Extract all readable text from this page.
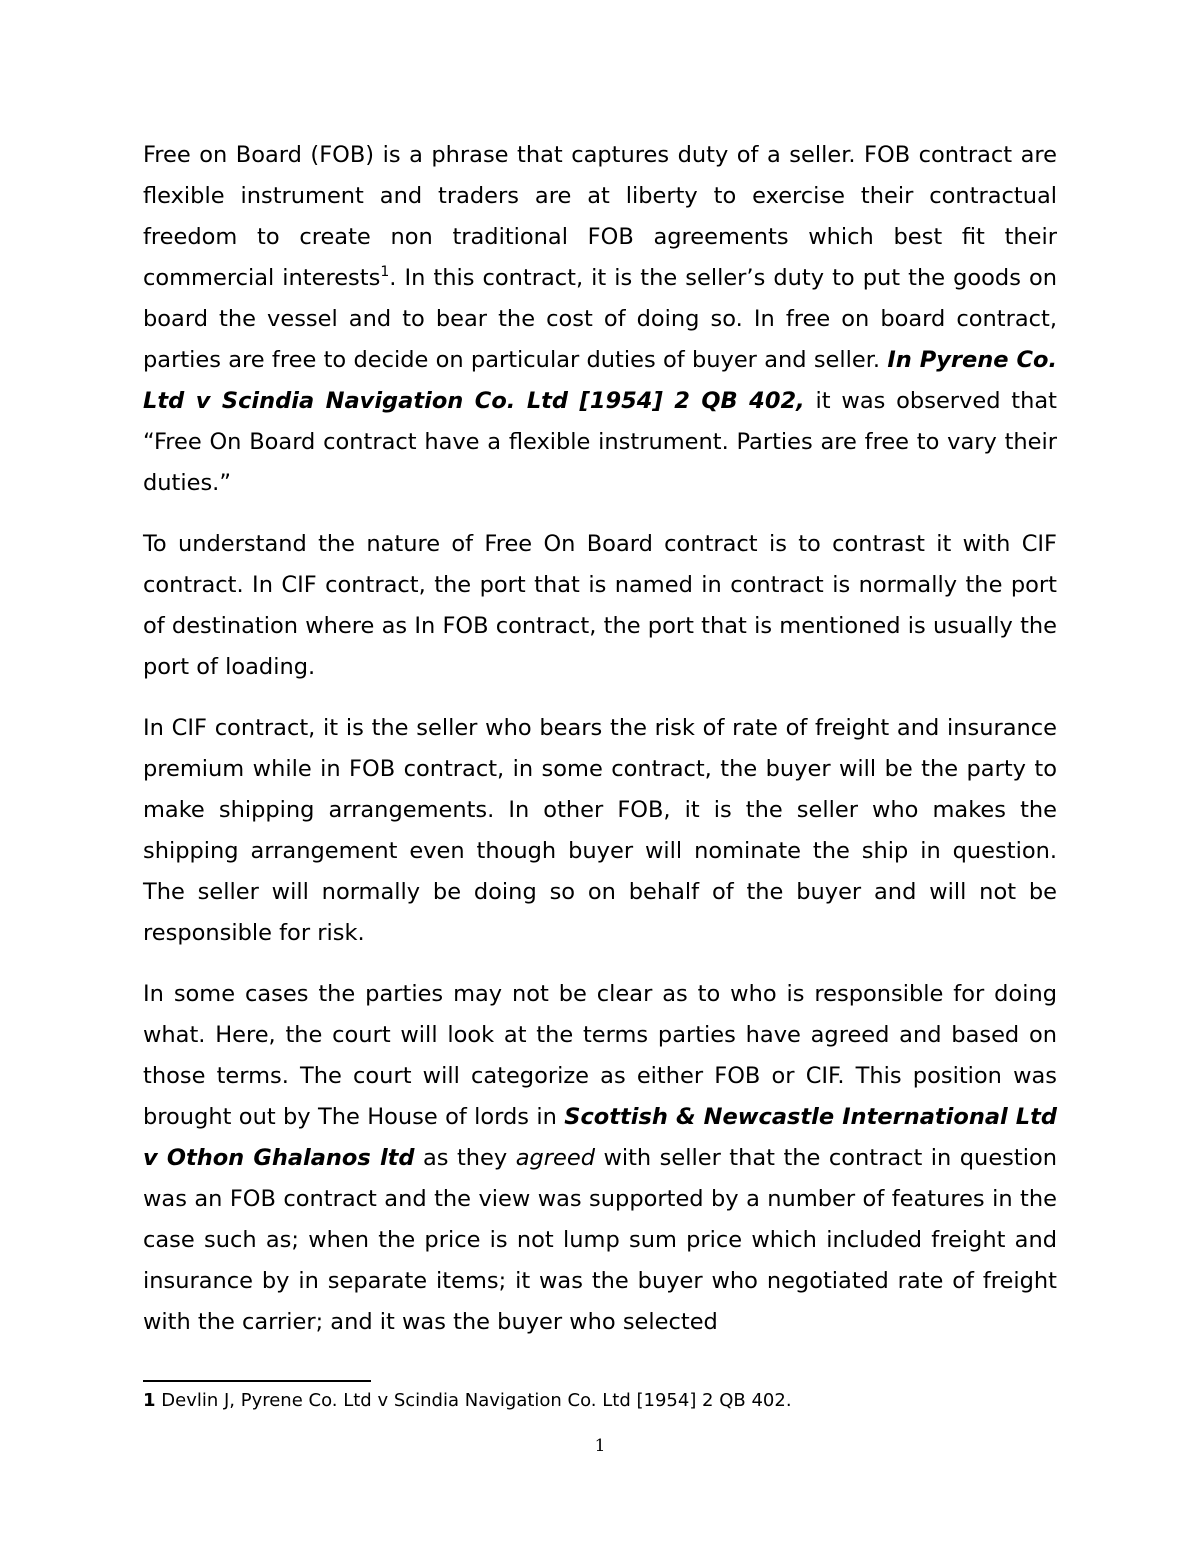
Free on Board (FOB) is a phrase that captures duty of a seller. FOB contract are flexible instrument and traders are at liberty to exercise their contractual freedom to create non traditional FOB agreements which best fit their commercial interests$^1$. In this contract, it is the seller’s duty to put the goods on board the vessel and to bear the cost of doing so. In free on board contract, parties are free to decide on particular duties of buyer and seller. In Pyrene Co. Ltd v Scindia Navigation Co. Ltd [1954] 2 QB 402, it was observed that “Free On Board contract have a flexible instrument. Parties are free to vary their duties.”

To understand the nature of Free On Board contract is to contrast it with CIF contract. In CIF contract, the port that is named in contract is normally the port of destination where as In FOB contract, the port that is mentioned is usually the port of loading.

In CIF contract, it is the seller who bears the risk of rate of freight and insurance premium while in FOB contract, in some contract, the buyer will be the party to make shipping arrangements. In other FOB, it is the seller who makes the shipping arrangement even though buyer will nominate the ship in question. The seller will normally be doing so on behalf of the buyer and will not be responsible for risk.

In some cases the parties may not be clear as to who is responsible for doing what. Here, the court will look at the terms parties have agreed and based on those terms. The court will categorize as either FOB or CIF. This position was brought out by The House of lords in Scottish & Newcastle International Ltd v Othon Ghalanos ltd as they agreed with seller that the contract in question was an FOB contract and the view was supported by a number of features in the case such as; when the price is not lump sum price which included freight and insurance by in separate items; it was the buyer who negotiated rate of freight with the carrier; and it was the buyer who selected

1 Devlin J, Pyrene Co. Ltd v Scindia Navigation Co. Ltd [1954] 2 QB 402.
1
